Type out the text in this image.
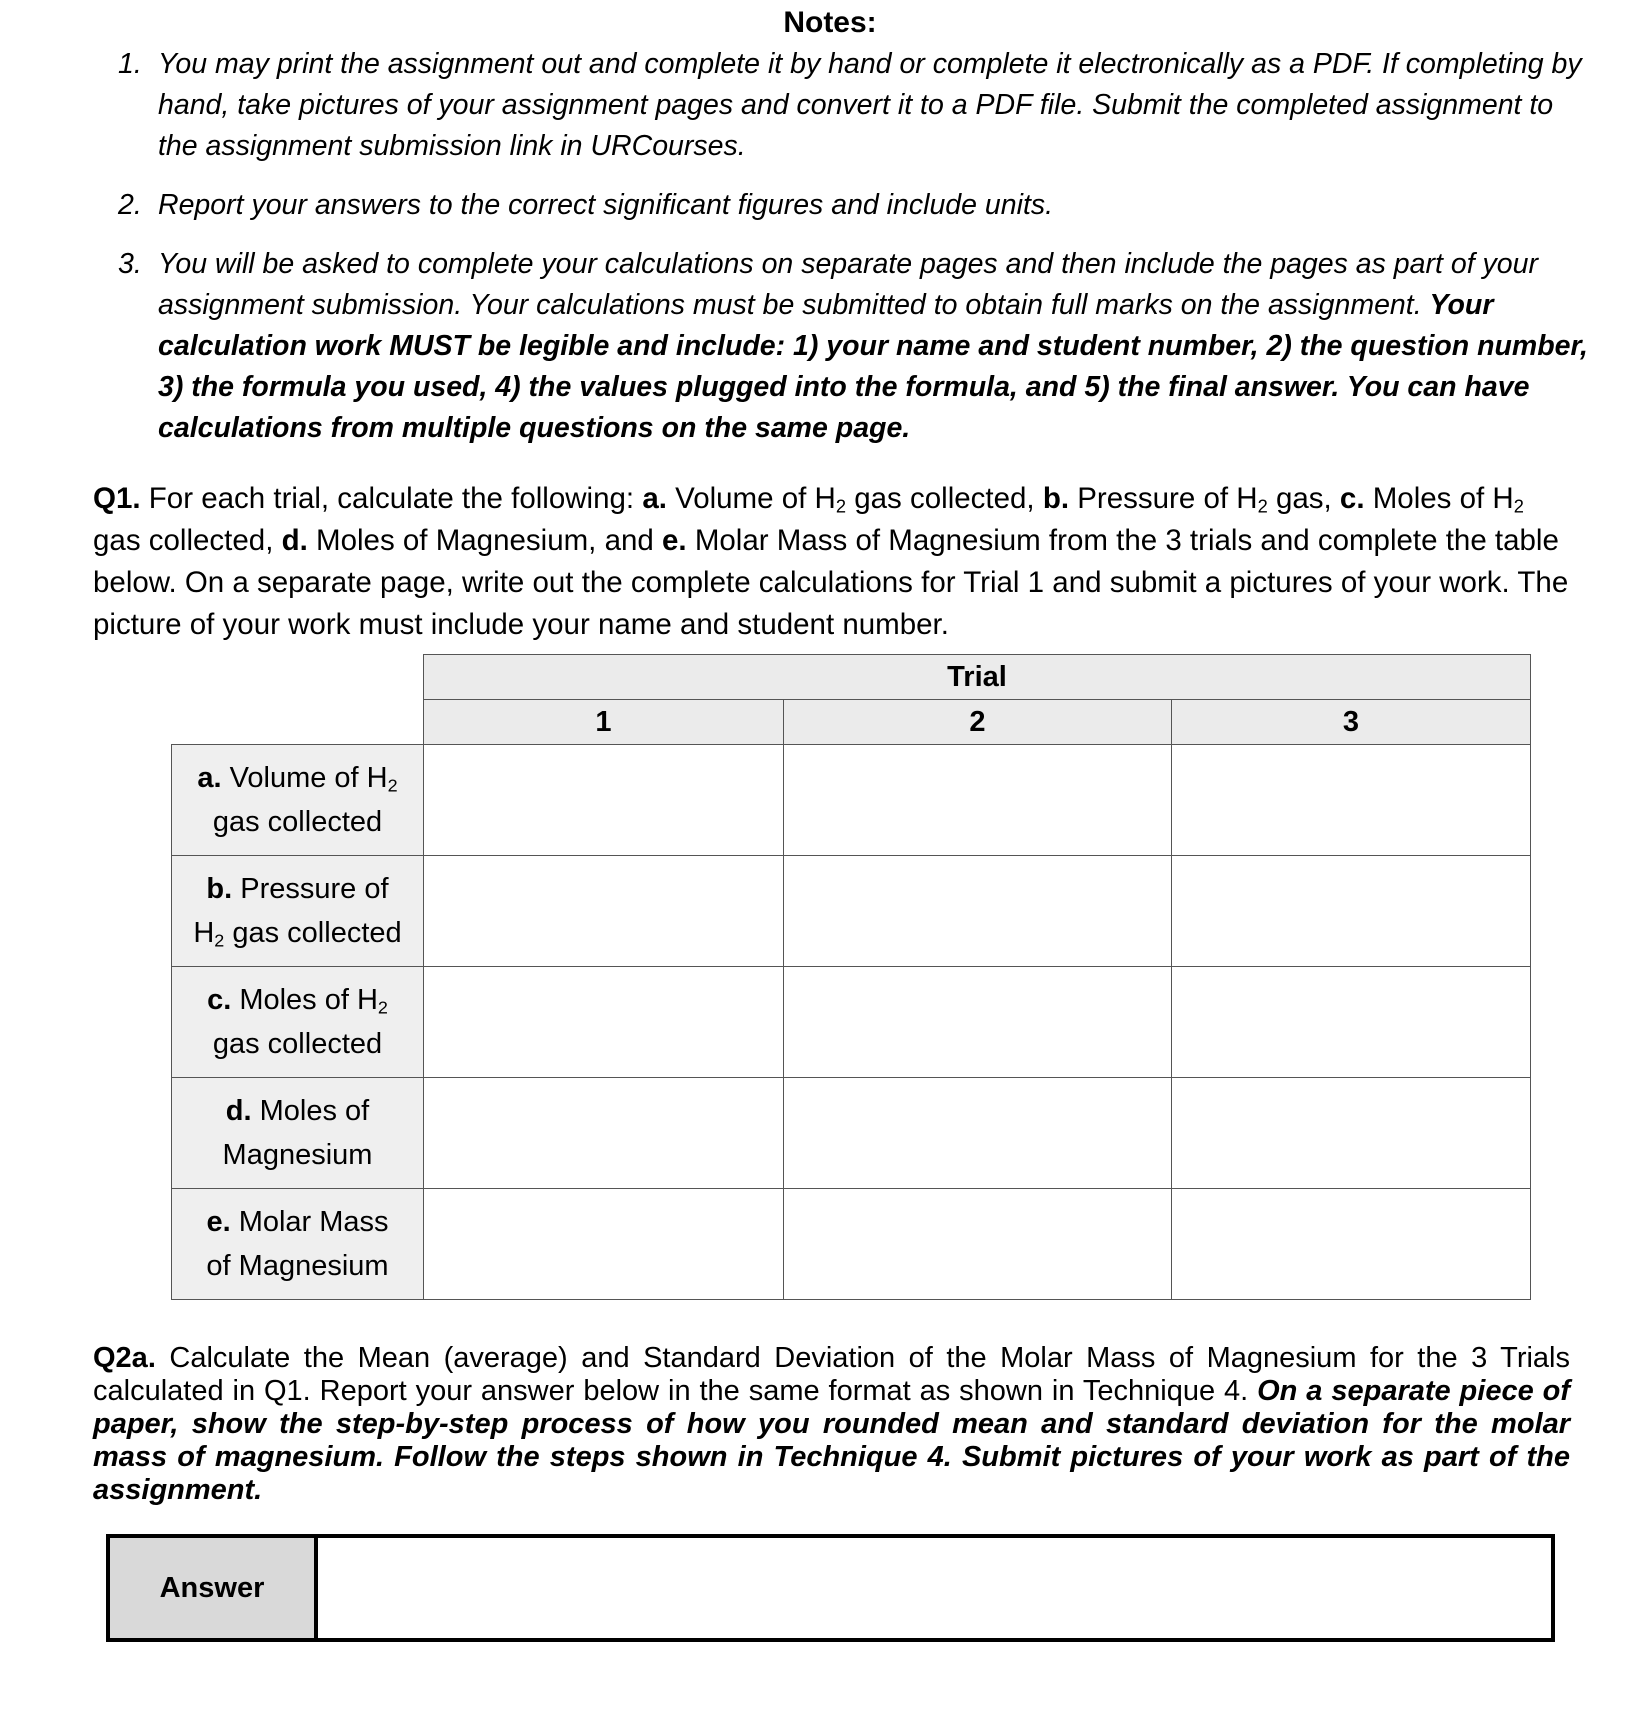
Notes:
1. You may print the assignment out and complete it by hand or complete it electronically as a PDF. If completing by hand, take pictures of your assignment pages and convert it to a PDF file. Submit the completed assignment to the assignment submission link in URCourses.
2. Report your answers to the correct significant figures and include units.
3. You will be asked to complete your calculations on separate pages and then include the pages as part of your assignment submission. Your calculations must be submitted to obtain full marks on the assignment. Your calculation work MUST be legible and include: 1) your name and student number, 2) the question number, 3) the formula you used, 4) the values plugged into the formula, and 5) the final answer. You can have calculations from multiple questions on the same page.
Q1. For each trial, calculate the following: a. Volume of $H_2$ gas collected, b. Pressure of $H_2$ gas, c. Moles of $H_2$ gas collected, d. Moles of Magnesium, and e. Molar Mass of Magnesium from the 3 trials and complete the table below. On a separate page, write out the complete calculations for Trial 1 and submit a pictures of your work. The picture of your work must include your name and student number.
	Trial		
	1	2	3
a. Volume of $H_2$
gas collected			
b. Pressure of
$H_2$ gas collected			
c. Moles of $H_2$
gas collected			
d. Moles of
Magnesium			
e. Molar Mass
of Magnesium			
Q2a. Calculate the Mean (average) and Standard Deviation of the Molar Mass of Magnesium for the 3 Trials calculated in Q1. Report your answer below in the same format as shown in Technique 4. On a separate piece of paper, show the step-by-step process of how you rounded mean and standard deviation for the molar mass of magnesium. Follow the steps shown in Technique 4. Submit pictures of your work as part of the assignment.
Answer
